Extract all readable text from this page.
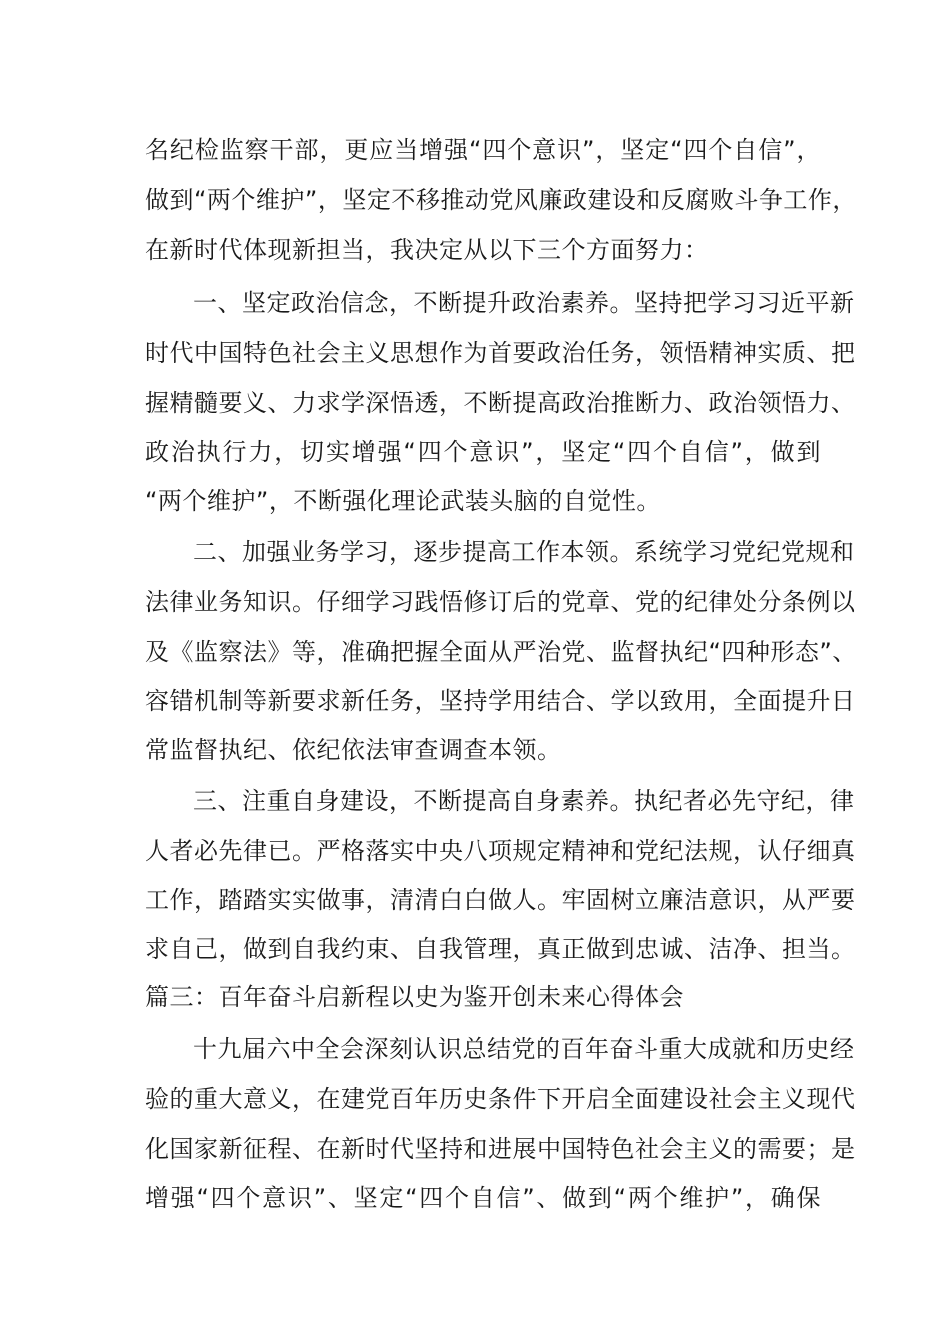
名纪检监察干部，更应当增强“四个意识”，坚定“四个自信”，
做到“两个维护”，坚定不移推动党风廉政建设和反腐败斗争工作，
在新时代体现新担当，我决定从以下三个方面努力：
一、坚定政治信念，不断提升政治素养。坚持把学习习近平新
时代中国特色社会主义思想作为首要政治任务，领悟精神实质、把
握精髓要义、力求学深悟透，不断提高政治推断力、政治领悟力、
政治执行力，切实增强“四个意识”，坚定“四个自信”，做到
“两个维护”，不断强化理论武装头脑的自觉性。
二、加强业务学习，逐步提高工作本领。系统学习党纪党规和
法律业务知识。仔细学习践悟修订后的党章、党的纪律处分条例以
及《监察法》等，准确把握全面从严治党、监督执纪“四种形态”、
容错机制等新要求新任务，坚持学用结合、学以致用，全面提升日
常监督执纪、依纪依法审查调查本领。
三、注重自身建设，不断提高自身素养。执纪者必先守纪，律
人者必先律已。严格落实中央八项规定精神和党纪法规，认仔细真
工作，踏踏实实做事，清清白白做人。牢固树立廉洁意识，从严要
求自己，做到自我约束、自我管理，真正做到忠诚、洁净、担当。
篇三：百年奋斗启新程以史为鉴开创未来心得体会
十九届六中全会深刻认识总结党的百年奋斗重大成就和历史经
验的重大意义，在建党百年历史条件下开启全面建设社会主义现代
化国家新征程、在新时代坚持和进展中国特色社会主义的需要；是
增强“四个意识”、坚定“四个自信”、做到“两个维护”，确保
